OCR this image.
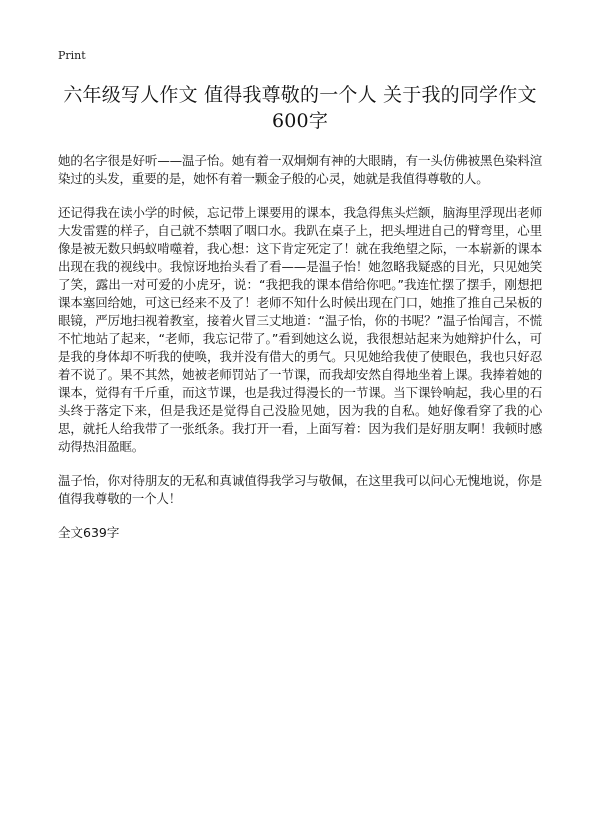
Print
六年级写人作文 值得我尊敬的一个人 关于我的同学作文600字

她的名字很是好听——温子怡。她有着一双炯炯有神的大眼睛，有一头仿佛被黑色染料渲染过的头发，重要的是，她怀有着一颗金子般的心灵，她就是我值得尊敬的人。

还记得我在读小学的时候，忘记带上课要用的课本，我急得焦头烂额，脑海里浮现出老师大发雷霆的样子，自己就不禁咽了咽口水。我趴在桌子上，把头埋进自己的臂弯里，心里像是被无数只蚂蚁啃噬着，我心想：这下肯定死定了！就在我绝望之际，一本崭新的课本出现在我的视线中。我惊讶地抬头看了看——是温子怡！她忽略我疑惑的目光，只见她笑了笑，露出一对可爱的小虎牙，说：“我把我的课本借给你吧。”我连忙摆了摆手，刚想把课本塞回给她，可这已经来不及了！老师不知什么时候出现在门口，她推了推自己呆板的眼镜，严厉地扫视着教室，接着火冒三丈地道：“温子怡，你的书呢？”温子怡闻言，不慌不忙地站了起来，“老师，我忘记带了。”看到她这么说，我很想站起来为她辩护什么，可是我的身体却不听我的使唤，我并没有借大的勇气。只见她给我使了使眼色，我也只好忍着不说了。果不其然，她被老师罚站了一节课，而我却安然自得地坐着上课。我捧着她的课本，觉得有千斤重，而这节课，也是我过得漫长的一节课。当下课铃响起，我心里的石头终于落定下来，但是我还是觉得自己没脸见她，因为我的自私。她好像看穿了我的心思，就托人给我带了一张纸条。我打开一看，上面写着：因为我们是好朋友啊！我顿时感动得热泪盈眶。

温子怡，你对待朋友的无私和真诚值得我学习与敬佩，在这里我可以问心无愧地说，你是值得我尊敬的一个人！

全文639字
